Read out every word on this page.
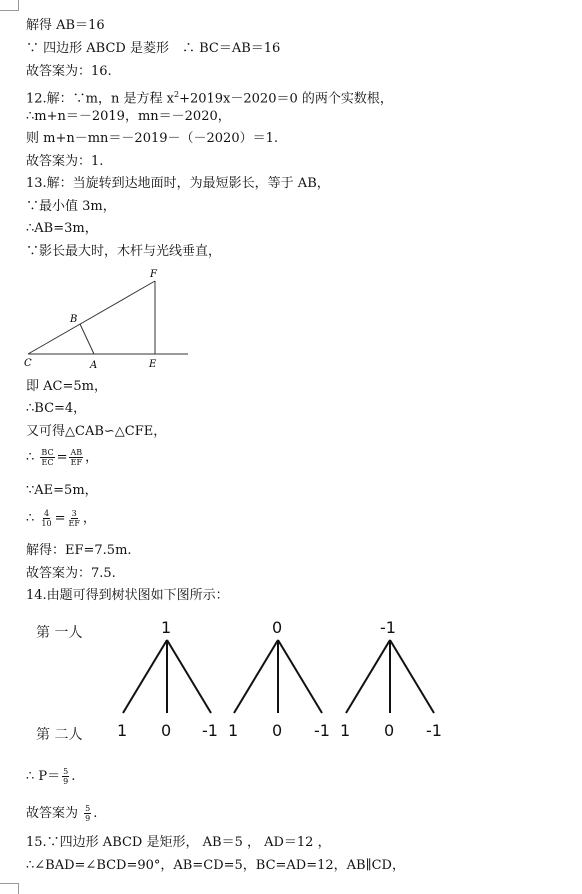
解得 AB＝16
∵ 四边形 ABCD 是菱形　∴ BC＝AB＝16
故答案为：16.
12.解：∵m，n 是方程 $x^2+2019x-2020=0$ 的两个实数根，
∴m+n＝－2019，mn＝－2020，
则 m+n－mn＝－2019－（－2020）＝1.
故答案为：1.
13.解：当旋转到达地面时，为最短影长，等于 AB，
∵最小值 3m，
∴AB=3m，
∵影长最大时，木杆与光线垂直，
F
B
C	A	E
即 AC=5m，
∴BC=4，
又可得△CAB∽△CFE，
∴ $\frac{BC}{EC} = \frac{AB}{EF}$ ，
∵AE=5m，
∴ $\frac{4}{10} = \frac{3}{EF}$ ，
解得：EF=7.5m.
故答案为：7.5.
14.由题可得到树状图如下图所示：
第 一人
第 二人
1	0	-1
1 0 -1 1 0 -1 1 0 -1
∴ $P= \frac{5}{9}$ .
故答案为 $\frac{5}{9}$ .
15.∵四边形 ABCD 是矩形， AB＝5 ， AD＝12 ，
∴∠BAD=∠BCD=90°，AB=CD=5，BC=AD=12，AB∥CD，
